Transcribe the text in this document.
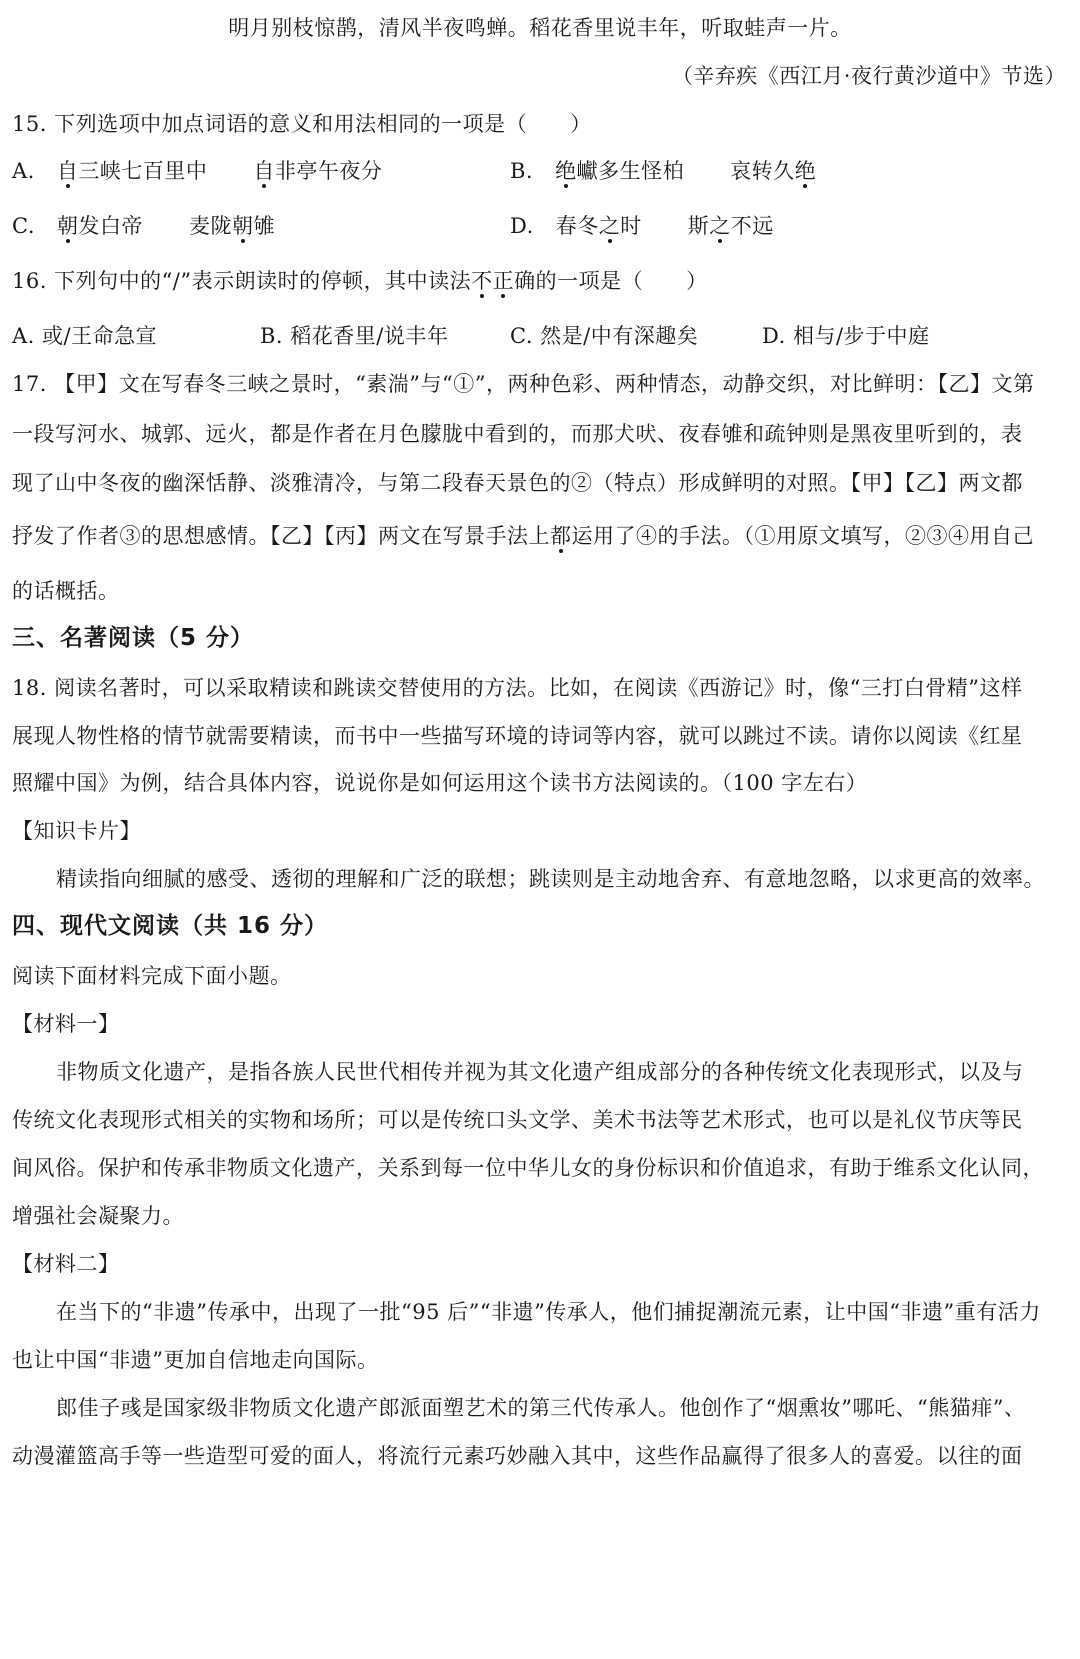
明月别枝惊鹊，清风半夜鸣蝉。稻花香里说丰年，听取蛙声一片。
（辛弃疾《西江月·夜行黄沙道中》节选）
15. 下列选项中加点词语的意义和用法相同的一项是（　　）
A. 自三峡七百里中 自非亭午夜分	B. 绝巘多生怪柏 哀转久绝
C. 朝发白帝 麦陇朝雊	D. 春冬之时 斯之不远
16. 下列句中的“/”表示朗读时的停顿，其中读法不正确的一项是（　　）
A. 或/王命急宣	B. 稻花香里/说丰年	C. 然是/中有深趣矣	D. 相与/步于中庭
17. 【甲】文在写春冬三峡之景时，“素湍”与“①”，两种色彩、两种情态，动静交织，对比鲜明：【乙】文第
一段写河水、城郭、远火，都是作者在月色朦胧中看到的，而那犬吠、夜春雊和疏钟则是黑夜里听到的，表
现了山中冬夜的幽深恬静、淡雅清冷，与第二段春天景色的②（特点）形成鲜明的对照。【甲】【乙】两文都
抒发了作者③的思想感情。【乙】【丙】两文在写景手法上都运用了④的手法。（①用原文填写，②③④用自己
的话概括。
三、名著阅读（5 分）
18. 阅读名著时，可以采取精读和跳读交替使用的方法。比如，在阅读《西游记》时，像“三打白骨精”这样
展现人物性格的情节就需要精读，而书中一些描写环境的诗词等内容，就可以跳过不读。请你以阅读《红星
照耀中国》为例，结合具体内容，说说你是如何运用这个读书方法阅读的。（100 字左右）
【知识卡片】
精读指向细腻的感受、透彻的理解和广泛的联想；跳读则是主动地舍弃、有意地忽略，以求更高的效率。
四、现代文阅读（共 16 分）
阅读下面材料完成下面小题。
【材料一】
非物质文化遗产，是指各族人民世代相传并视为其文化遗产组成部分的各种传统文化表现形式，以及与
传统文化表现形式相关的实物和场所；可以是传统口头文学、美术书法等艺术形式，也可以是礼仪节庆等民
间风俗。保护和传承非物质文化遗产，关系到每一位中华儿女的身份标识和价值追求，有助于维系文化认同，
增强社会凝聚力。
【材料二】
在当下的“非遗”传承中，出现了一批“95 后”“非遗”传承人，他们捕捉潮流元素，让中国“非遗”重有活力
也让中国“非遗”更加自信地走向国际。
郎佳子彧是国家级非物质文化遗产郎派面塑艺术的第三代传承人。他创作了“烟熏妆”哪吒、“熊猫痱”、
动漫灌篮高手等一些造型可爱的面人，将流行元素巧妙融入其中，这些作品赢得了很多人的喜爱。以往的面
